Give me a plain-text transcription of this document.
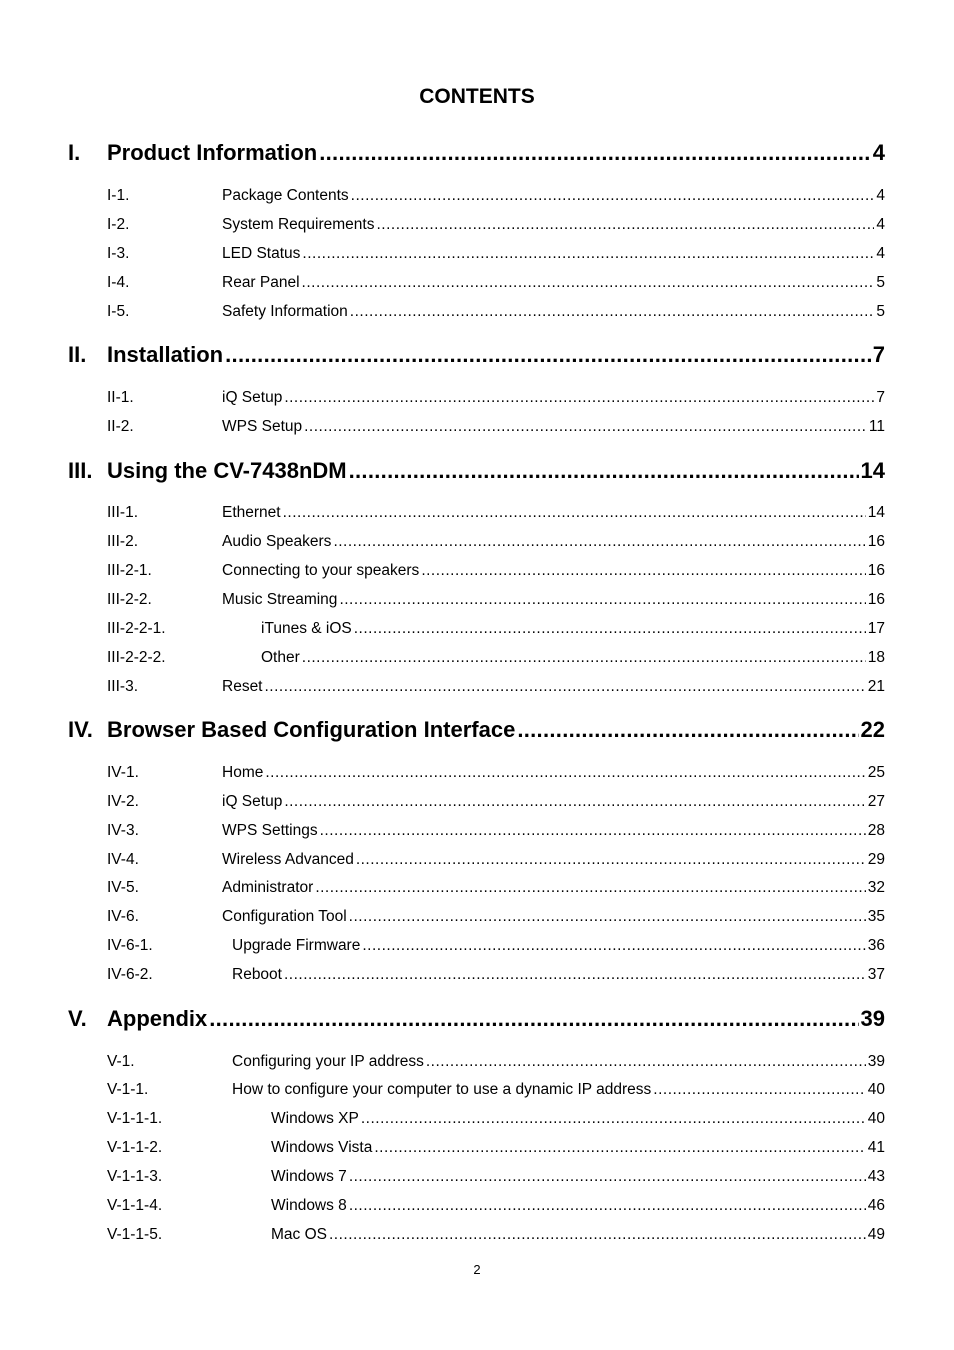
CONTENTS
I.	Product Information .....	4
I-1.	Package Contents .....	4
I-2.	System Requirements .....	4
I-3.	LED Status .....	4
I-4.	Rear Panel .....	5
I-5.	Safety Information .....	5
II. Installation .....	7
II-1.	iQ Setup .....	7
II-2.	WPS Setup .....	11
III. Using the CV-7438nDM .....	14
III-1.	Ethernet .....	14
III-2.	Audio Speakers .....	16
III-2-1.	Connecting to your speakers .....	16
III-2-2.	Music Streaming .....	16
III-2-2-1.	iTunes & iOS .....	17
III-2-2-2.	Other .....	18
III-3.	Reset .....	21
IV. Browser Based Configuration Interface .....	22
IV-1.	Home .....	25
IV-2.	iQ Setup .....	27
IV-3.	WPS Settings .....	28
IV-4.	Wireless Advanced .....	29
IV-5.	Administrator .....	32
IV-6.	Configuration Tool .....	35
IV-6-1.	Upgrade Firmware .....	36
IV-6-2.	Reboot .....	37
V. Appendix .....	39
V-1.	Configuring your IP address .....	39
V-1-1.	How to configure your computer to use a dynamic IP address .....	40
V-1-1-1.	Windows XP .....	40
V-1-1-2.	Windows Vista .....	41
V-1-1-3.	Windows 7 .....	43
V-1-1-4.	Windows 8 .....	46
V-1-1-5.	Mac OS .....	49
2
